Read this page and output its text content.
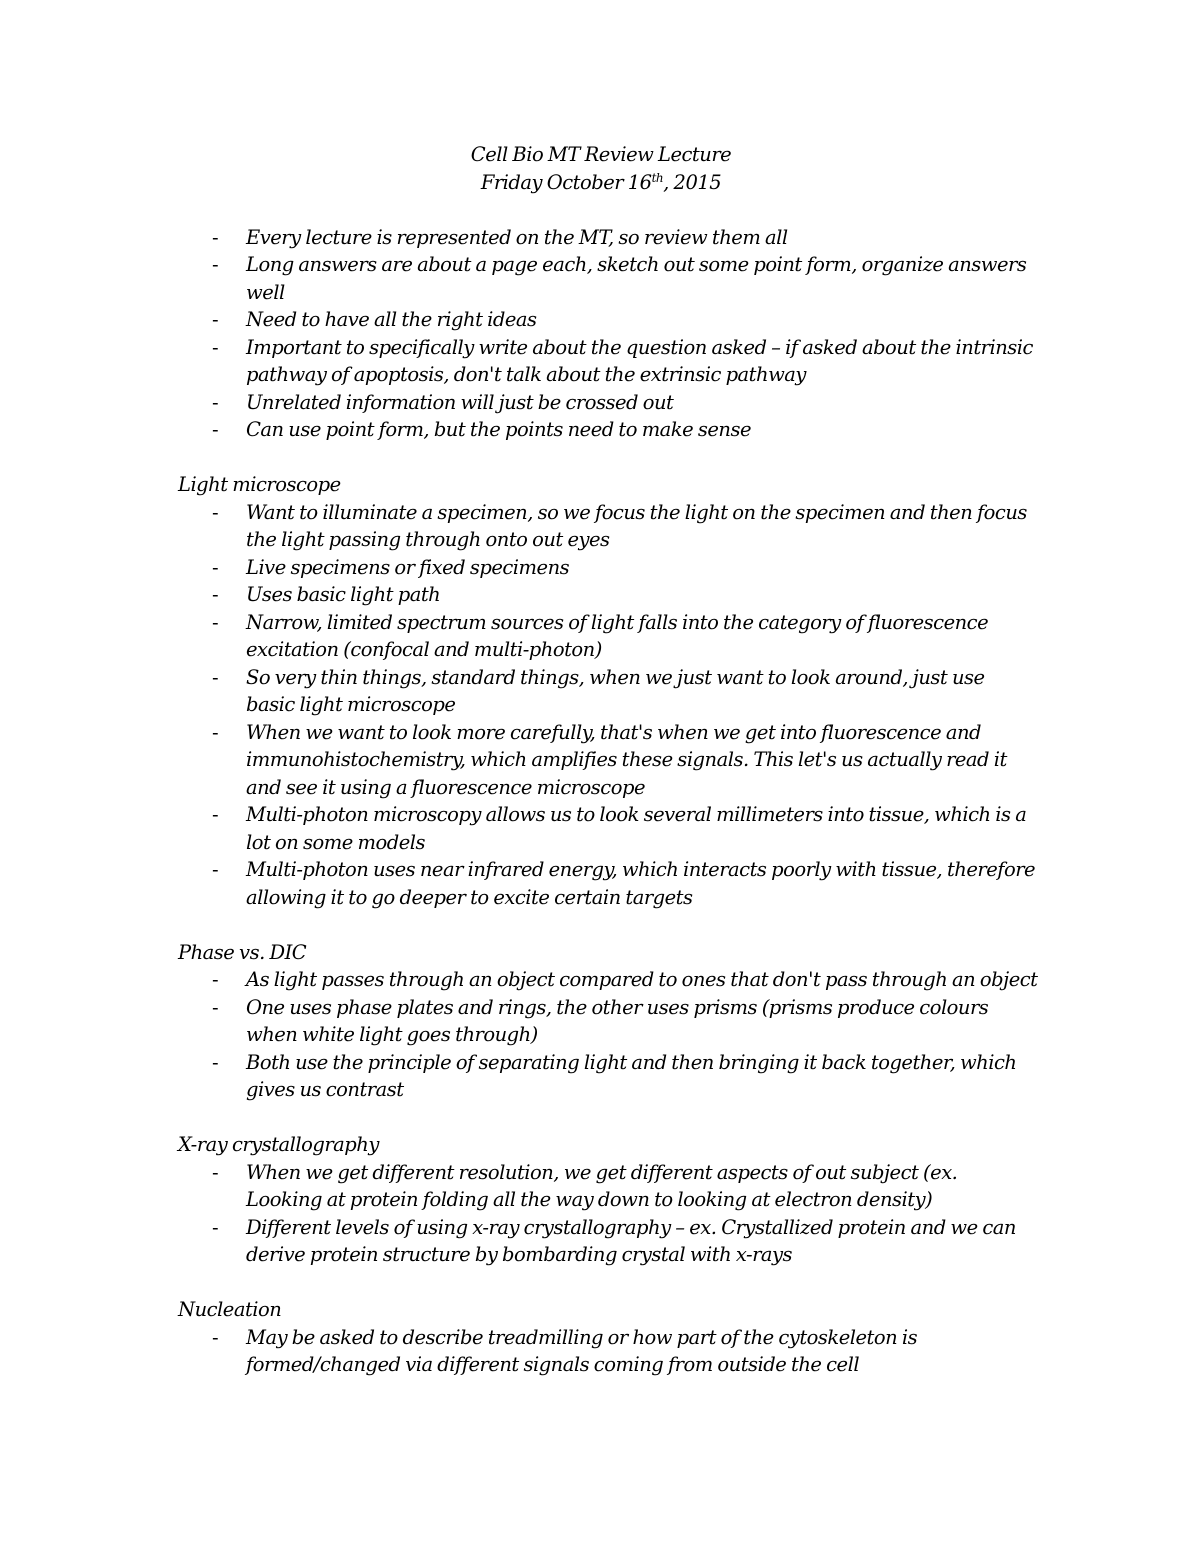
Cell Bio MT Review Lecture
Friday October 16th, 2015
- Every lecture is represented on the MT, so review them all
- Long answers are about a page each, sketch out some point form, organize answers well
- Need to have all the right ideas
- Important to specifically write about the question asked – if asked about the intrinsic pathway of apoptosis, don't talk about the extrinsic pathway
- Unrelated information will just be crossed out
- Can use point form, but the points need to make sense
Light microscope
- Want to illuminate a specimen, so we focus the light on the specimen and then focus the light passing through onto out eyes
- Live specimens or fixed specimens
- Uses basic light path
- Narrow, limited spectrum sources of light falls into the category of fluorescence excitation (confocal and multi-photon)
- So very thin things, standard things, when we just want to look around, just use basic light microscope
- When we want to look more carefully, that's when we get into fluorescence and immunohistochemistry, which amplifies these signals. This let's us actually read it and see it using a fluorescence microscope
- Multi-photon microscopy allows us to look several millimeters into tissue, which is a lot on some models
- Multi-photon uses near infrared energy, which interacts poorly with tissue, therefore allowing it to go deeper to excite certain targets
Phase vs. DIC
- As light passes through an object compared to ones that don't pass through an object
- One uses phase plates and rings, the other uses prisms (prisms produce colours when white light goes through)
- Both use the principle of separating light and then bringing it back together, which gives us contrast
X-ray crystallography
- When we get different resolution, we get different aspects of out subject (ex. Looking at protein folding all the way down to looking at electron density)
- Different levels of using x-ray crystallography – ex. Crystallized protein and we can derive protein structure by bombarding crystal with x-rays
Nucleation
- May be asked to describe treadmilling or how part of the cytoskeleton is formed/changed via different signals coming from outside the cell
